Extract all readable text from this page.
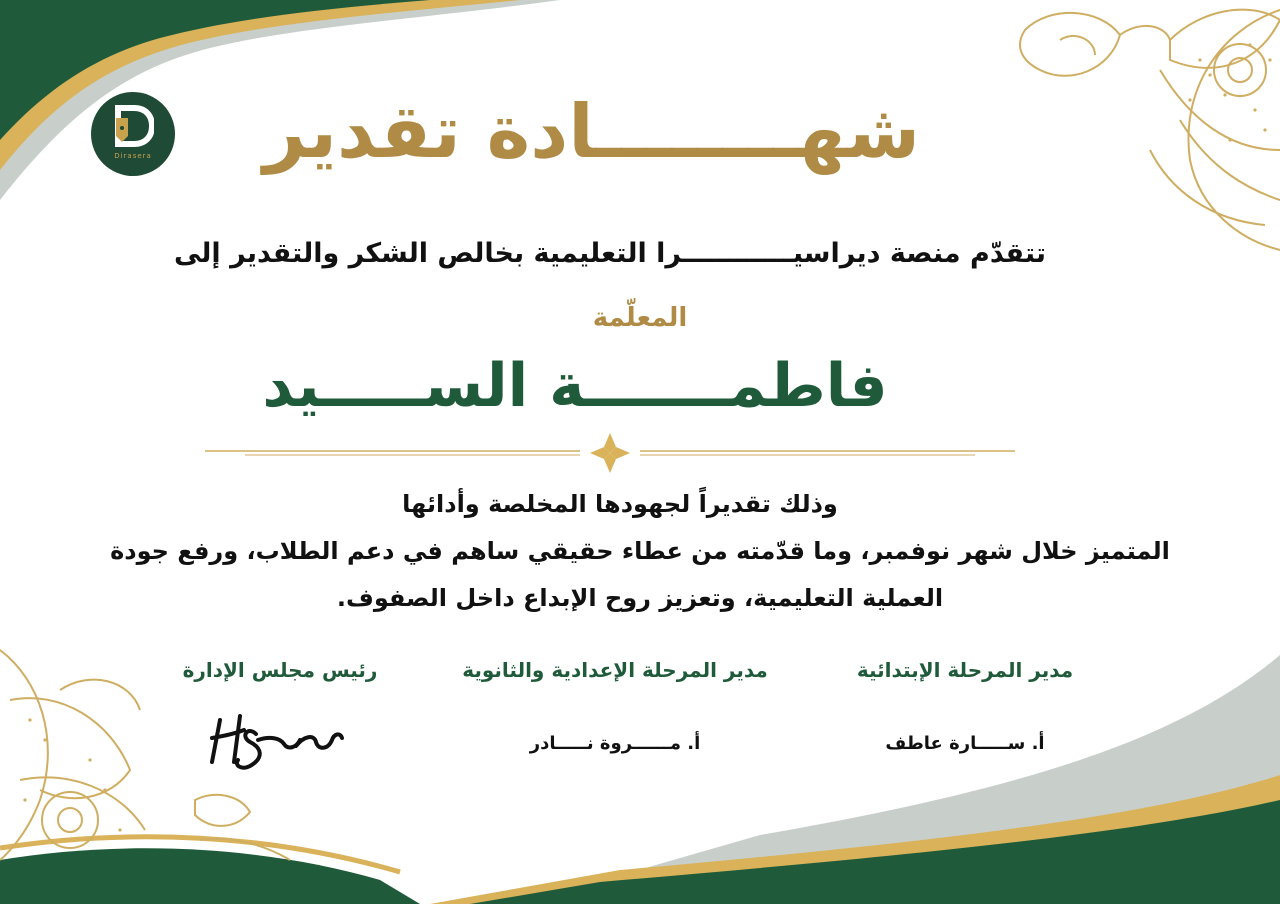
Dirasera	شهــــــــادة تقدير
تتقدّم منصة ديراسيــــــــــــرا التعليمية بخالص الشكر والتقدير إلى
المعلّمة
فاطمـــــــة الســـــيد
وذلك تقديراً لجهودها المخلصة وأدائها
المتميز خلال شهر نوفمبر، وما قدّمته من عطاء حقيقي ساهم في دعم الطلاب، ورفع جودة
العملية التعليمية، وتعزيز روح الإبداع داخل الصفوف.
مدير المرحلة الإبتدائية
أ. ســـــارة عاطف
مدير المرحلة الإعدادية والثانوية
أ. مــــــروة نـــــادر
رئيس مجلس الإدارة
